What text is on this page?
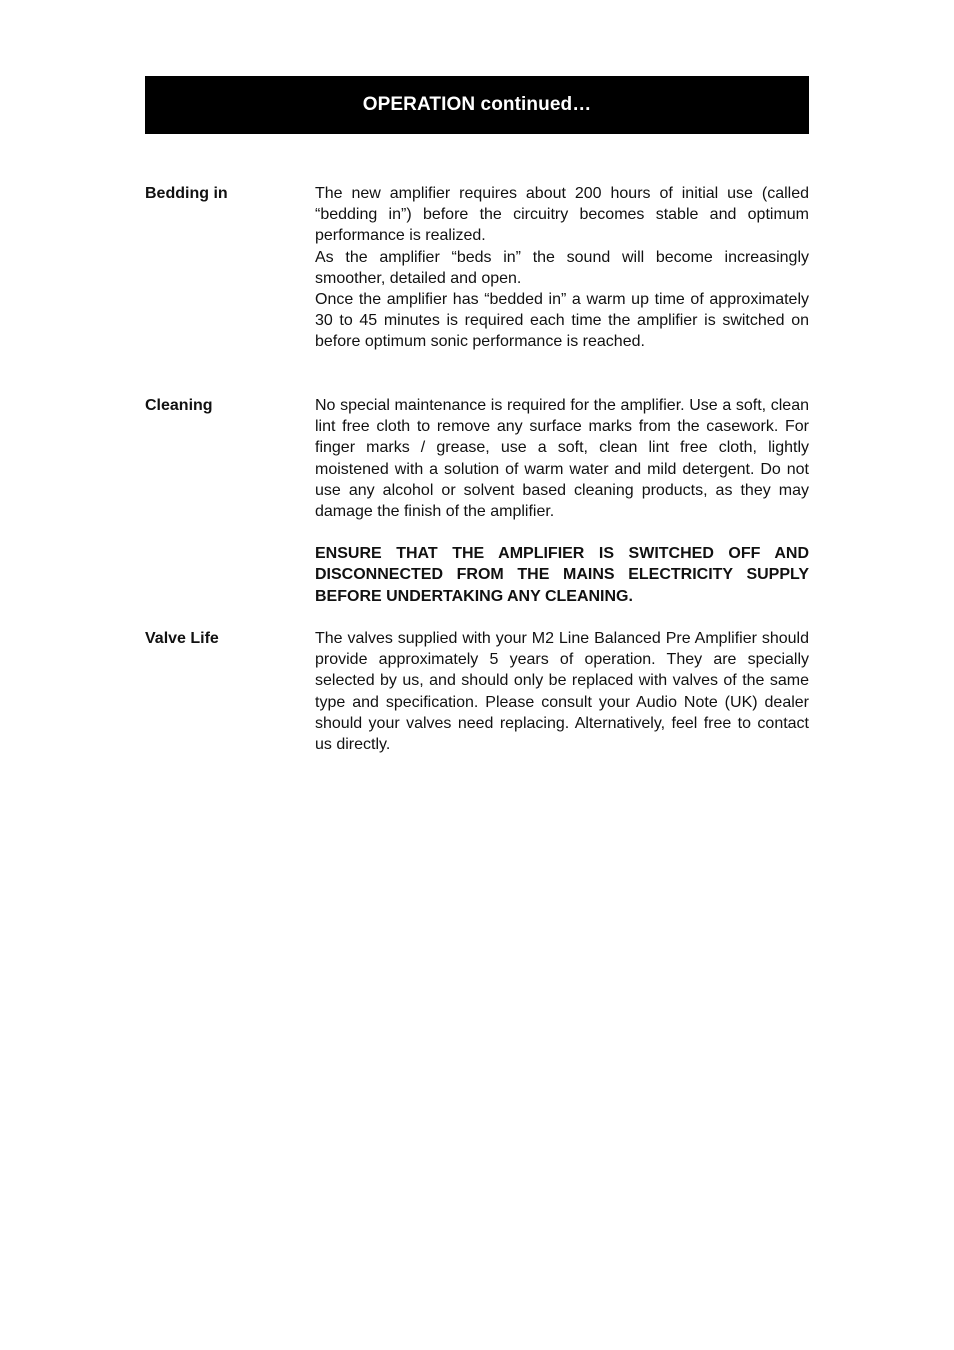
OPERATION continued…
Bedding in	The new amplifier requires about 200 hours of initial use (called “bedding in”) before the circuitry becomes stable and optimum performance is realized.

As the amplifier “beds in” the sound will become increasingly smoother, detailed and open.

Once the amplifier has “bedded in” a warm up time of approximately 30 to 45 minutes is required each time the amplifier is switched on before optimum sonic performance is reached.

Cleaning	No special maintenance is required for the amplifier. Use a soft, clean lint free cloth to remove any surface marks from the casework. For finger marks / grease, use a soft, clean lint free cloth, lightly moistened with a solution of warm water and mild detergent. Do not use any alcohol or solvent based cleaning products, as they may damage the finish of the amplifier.

ENSURE THAT THE AMPLIFIER IS SWITCHED OFF AND DISCONNECTED FROM THE MAINS ELECTRICITY SUPPLY BEFORE UNDERTAKING ANY CLEANING.

Valve Life	The valves supplied with your M2 Line Balanced Pre Amplifier should provide approximately 5 years of operation. They are specially selected by us, and should only be replaced with valves of the same type and specification. Please consult your Audio Note (UK) dealer should your valves need replacing. Alternatively, feel free to contact us directly.
